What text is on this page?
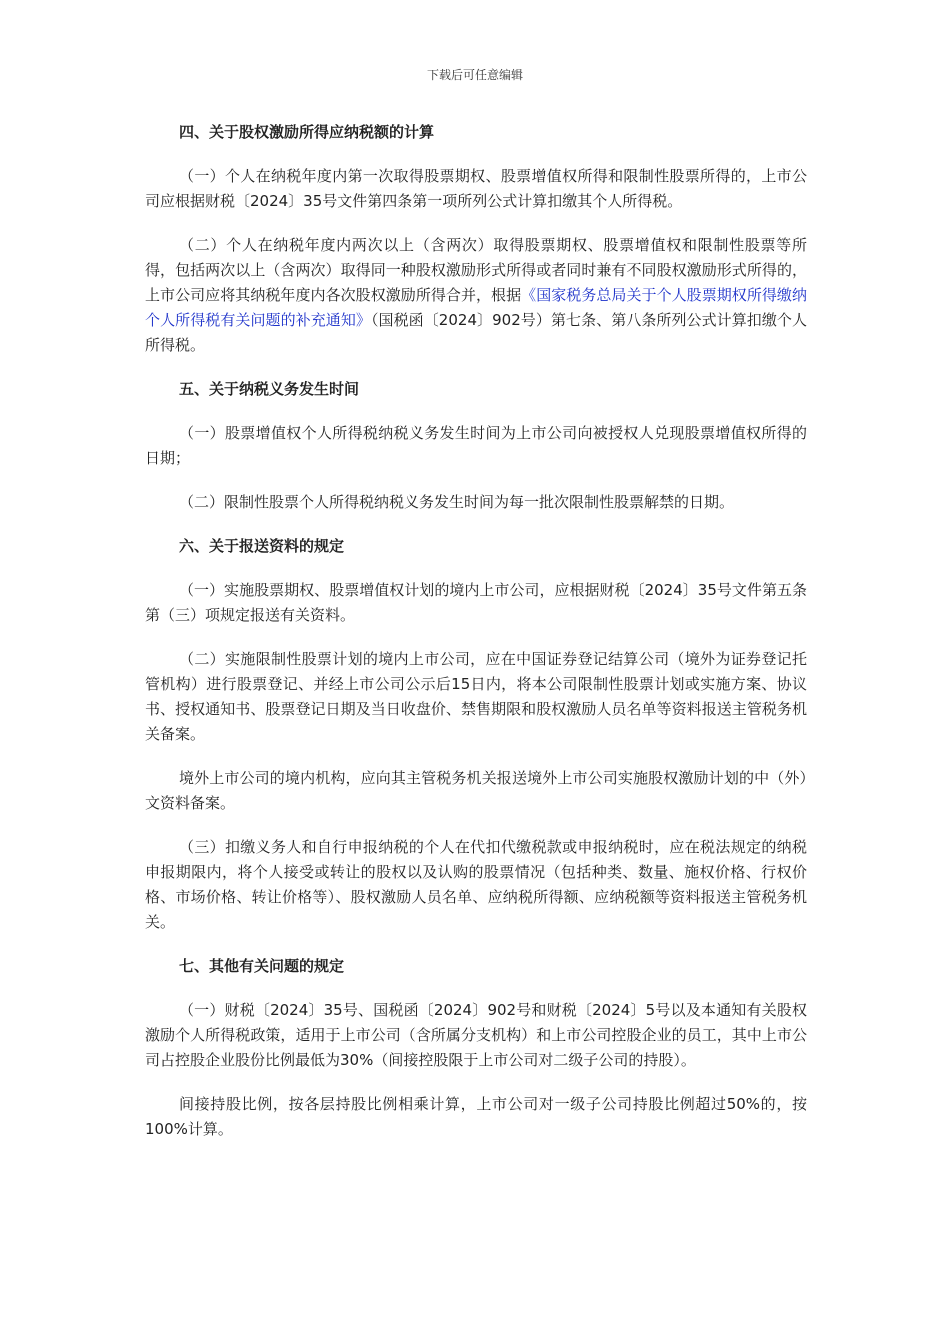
下载后可任意编辑
四、关于股权激励所得应纳税额的计算

（一）个人在纳税年度内第一次取得股票期权、股票增值权所得和限制性股票所得的，上市公司应根据财税〔2024〕35号文件第四条第一项所列公式计算扣缴其个人所得税。

（二）个人在纳税年度内两次以上（含两次）取得股票期权、股票增值权和限制性股票等所得，包括两次以上（含两次）取得同一种股权激励形式所得或者同时兼有不同股权激励形式所得的，上市公司应将其纳税年度内各次股权激励所得合并，根据《国家税务总局关于个人股票期权所得缴纳个人所得税有关问题的补充通知》（国税函〔2024〕902号）第七条、第八条所列公式计算扣缴个人所得税。

五、关于纳税义务发生时间

（一）股票增值权个人所得税纳税义务发生时间为上市公司向被授权人兑现股票增值权所得的日期；

（二）限制性股票个人所得税纳税义务发生时间为每一批次限制性股票解禁的日期。

六、关于报送资料的规定

（一）实施股票期权、股票增值权计划的境内上市公司，应根据财税〔2024〕35号文件第五条第（三）项规定报送有关资料。

（二）实施限制性股票计划的境内上市公司，应在中国证券登记结算公司（境外为证券登记托管机构）进行股票登记、并经上市公司公示后15日内，将本公司限制性股票计划或实施方案、协议书、授权通知书、股票登记日期及当日收盘价、禁售期限和股权激励人员名单等资料报送主管税务机关备案。

境外上市公司的境内机构，应向其主管税务机关报送境外上市公司实施股权激励计划的中（外）文资料备案。

（三）扣缴义务人和自行申报纳税的个人在代扣代缴税款或申报纳税时，应在税法规定的纳税申报期限内，将个人接受或转让的股权以及认购的股票情况（包括种类、数量、施权价格、行权价格、市场价格、转让价格等）、股权激励人员名单、应纳税所得额、应纳税额等资料报送主管税务机关。

七、其他有关问题的规定

（一）财税〔2024〕35号、国税函〔2024〕902号和财税〔2024〕5号以及本通知有关股权激励个人所得税政策，适用于上市公司（含所属分支机构）和上市公司控股企业的员工，其中上市公司占控股企业股份比例最低为30%（间接控股限于上市公司对二级子公司的持股）。

间接持股比例，按各层持股比例相乘计算，上市公司对一级子公司持股比例超过50%的，按100%计算。
